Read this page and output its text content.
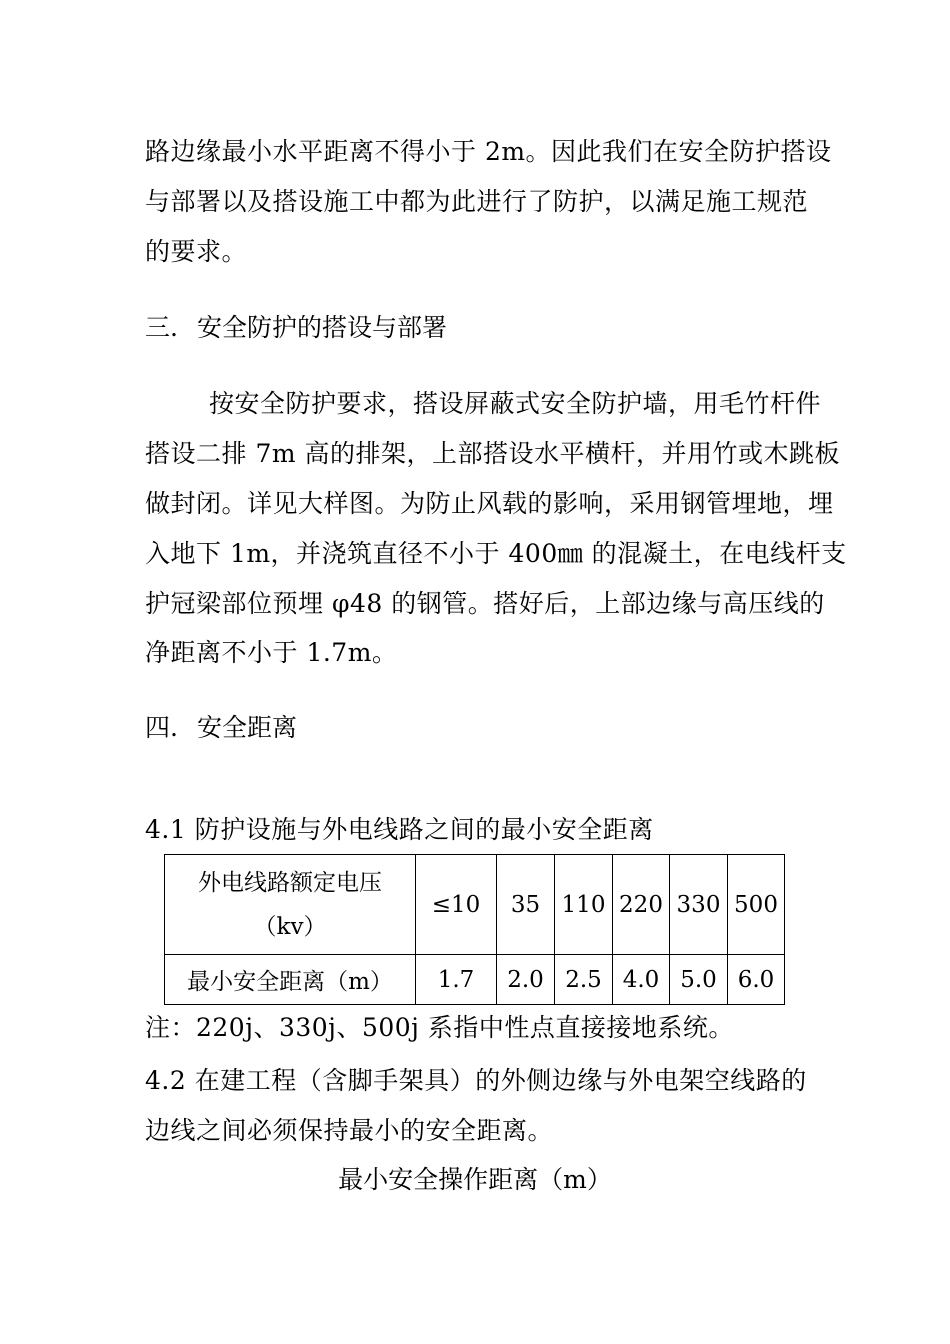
路边缘最小水平距离不得小于 2m。因此我们在安全防护搭设
与部署以及搭设施工中都为此进行了防护，以满足施工规范
的要求。
三. 安全防护的搭设与部署
按安全防护要求，搭设屏蔽式安全防护墙，用毛竹杆件
搭设二排 7m 高的排架，上部搭设水平横杆，并用竹或木跳板
做封闭。详见大样图。为防止风载的影响，采用钢管埋地，埋
入地下 1m，并浇筑直径不小于 400㎜ 的混凝土，在电线杆支
护冠梁部位预埋 φ48 的钢管。搭好后，上部边缘与高压线的
净距离不小于 1.7m。
四. 安全距离
4.1 防护设施与外电线路之间的最小安全距离
外电线路额定电压
（kv）	≤10	35	110	220	330	500
最小安全距离（m）	1.7	2.0	2.5	4.0	5.0	6.0
注：220j、330j、500j 系指中性点直接接地系统。
4.2 在建工程（含脚手架具）的外侧边缘与外电架空线路的
边线之间必须保持最小的安全距离。
最小安全操作距离（m）
